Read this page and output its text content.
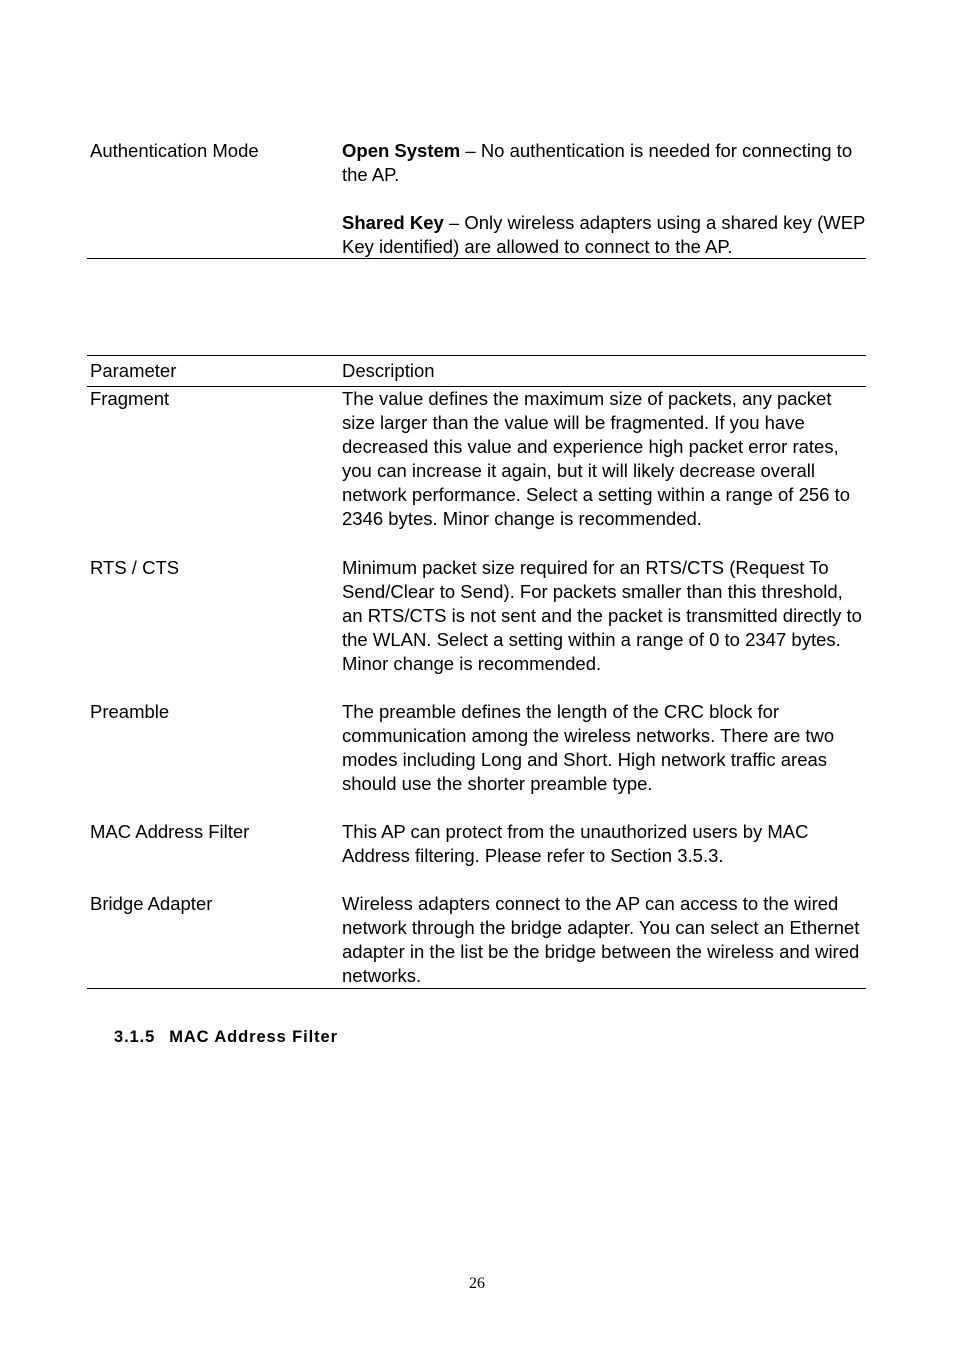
Authentication Mode	Open System – No authentication is needed for connecting to the AP.

Shared Key – Only wireless adapters using a shared key (WEP Key identified) are allowed to connect to the AP.

Parameter	Description
Fragment	The value defines the maximum size of packets, any packet size larger than the value will be fragmented. If you have decreased this value and experience high packet error rates, you can increase it again, but it will likely decrease overall network performance. Select a setting within a range of 256 to 2346 bytes. Minor change is recommended.
RTS / CTS	Minimum packet size required for an RTS/CTS (Request To Send/Clear to Send). For packets smaller than this threshold, an RTS/CTS is not sent and the packet is transmitted directly to the WLAN. Select a setting within a range of 0 to 2347 bytes. Minor change is recommended.
Preamble	The preamble defines the length of the CRC block for communication among the wireless networks. There are two modes including Long and Short. High network traffic areas should use the shorter preamble type.
MAC Address Filter	This AP can protect from the unauthorized users by MAC Address filtering. Please refer to Section 3.5.3.
Bridge Adapter	Wireless adapters connect to the AP can access to the wired network through the bridge adapter. You can select an Ethernet adapter in the list be the bridge between the wireless and wired networks.
3.1.5 MAC Address Filter
26
